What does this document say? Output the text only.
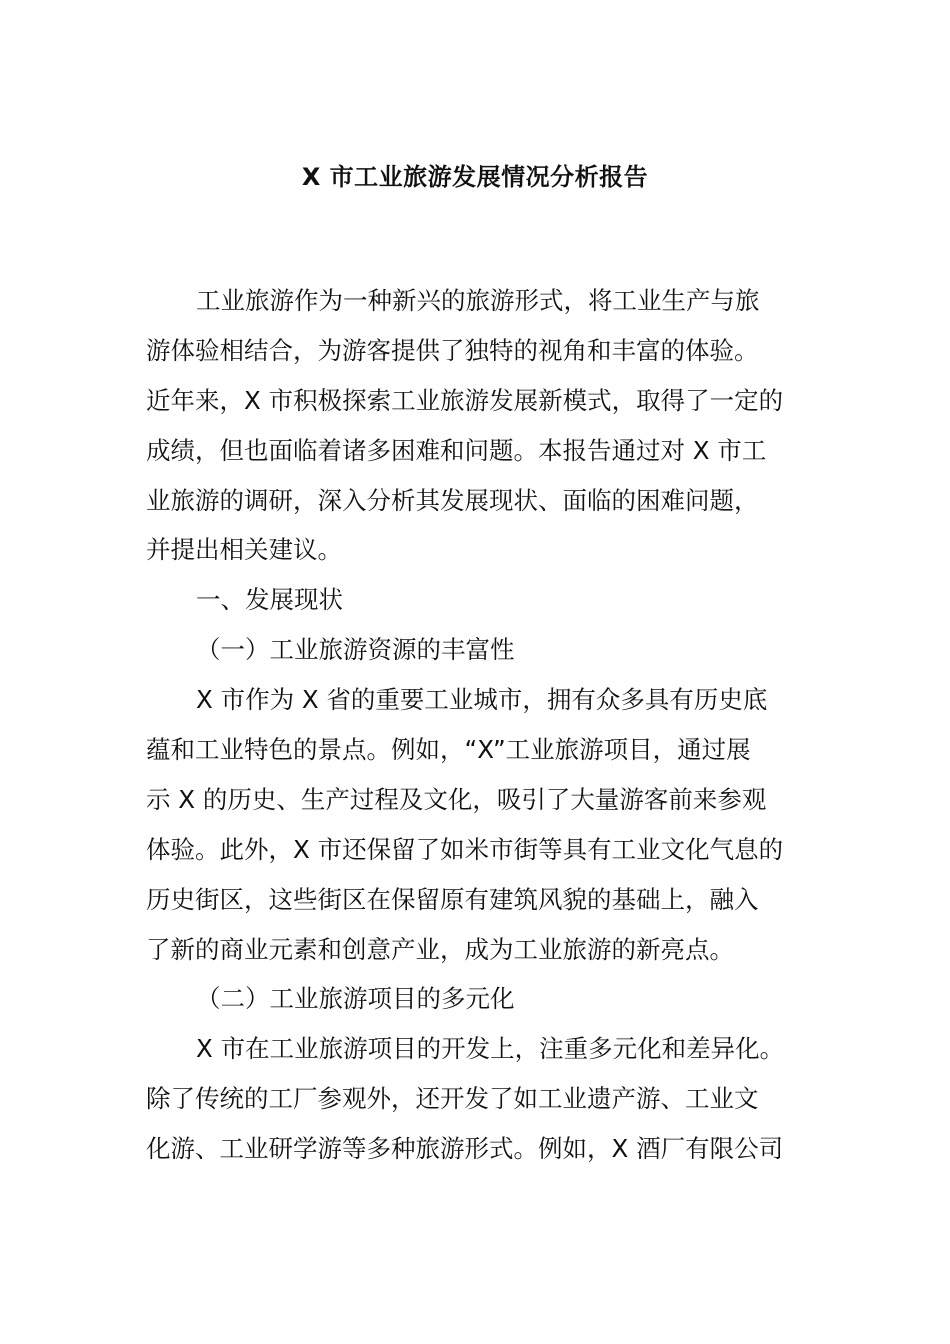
X 市工业旅游发展情况分析报告
工业旅游作为一种新兴的旅游形式，将工业生产与旅
游体验相结合，为游客提供了独特的视角和丰富的体验。
近年来，X 市积极探索工业旅游发展新模式，取得了一定的
成绩，但也面临着诸多困难和问题。本报告通过对 X 市工
业旅游的调研，深入分析其发展现状、面临的困难问题，
并提出相关建议。
一、发展现状
（一）工业旅游资源的丰富性
X 市作为 X 省的重要工业城市，拥有众多具有历史底
蕴和工业特色的景点。例如，“X”工业旅游项目，通过展
示 X 的历史、生产过程及文化，吸引了大量游客前来参观
体验。此外，X 市还保留了如米市街等具有工业文化气息的
历史街区，这些街区在保留原有建筑风貌的基础上，融入
了新的商业元素和创意产业，成为工业旅游的新亮点。
（二）工业旅游项目的多元化
X 市在工业旅游项目的开发上，注重多元化和差异化。
除了传统的工厂参观外，还开发了如工业遗产游、工业文
化游、工业研学游等多种旅游形式。例如，X 酒厂有限公司
